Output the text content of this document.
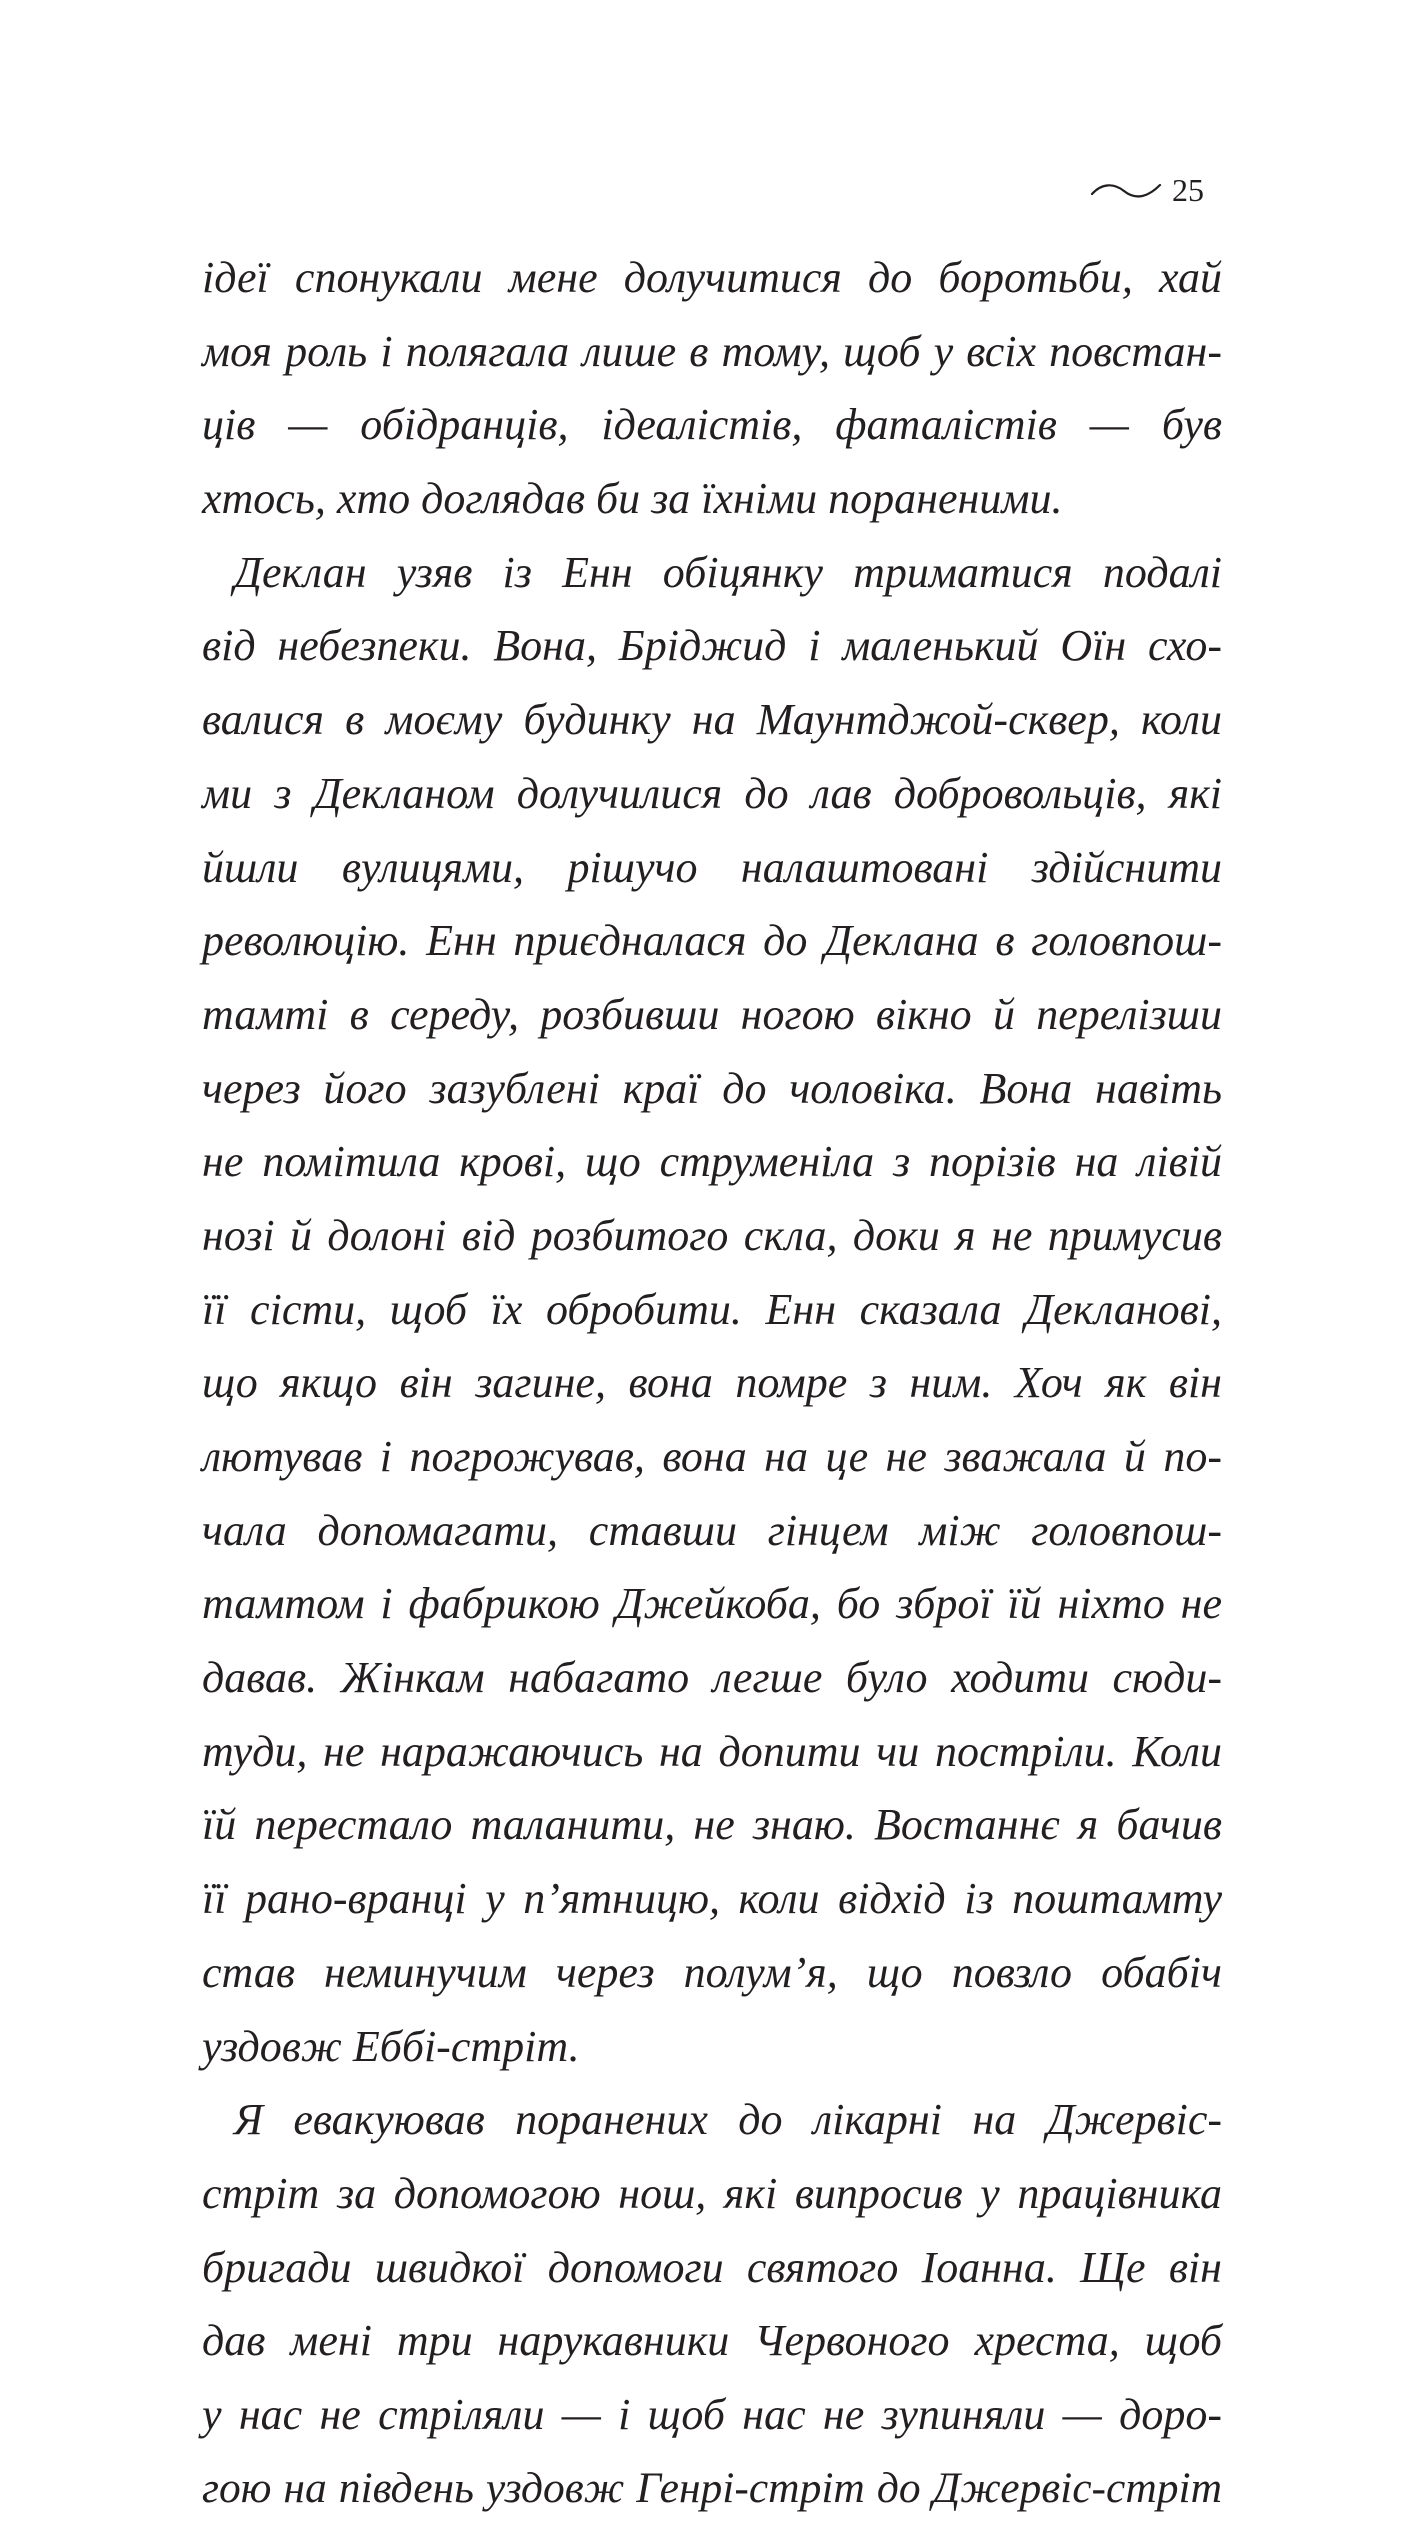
25
ідеї спонукали мене долучитися до боротьби, хай
моя роль і полягала лише в тому, щоб у всіх повстан-
ців — обідранців, ідеалістів, фаталістів — був
хтось, хто доглядав би за їхніми пораненими.
Деклан узяв із Енн обіцянку триматися подалі
від небезпеки. Вона, Бріджид і маленький Оїн схо-
валися в моєму будинку на Маунтджой-сквер, коли
ми з Декланом долучилися до лав добровольців, які
йшли вулицями, рішучо налаштовані здійснити
революцію. Енн приєдналася до Деклана в головпош-
тамті в середу, розбивши ногою вікно й перелізши
через його зазублені краї до чоловіка. Вона навіть
не помітила крові, що струменіла з порізів на лівій
нозі й долоні від розбитого скла, доки я не примусив
її сісти, щоб їх обробити. Енн сказала Декланові,
що якщо він загине, вона помре з ним. Хоч як він
лютував і погрожував, вона на це не зважала й по-
чала допомагати, ставши гінцем між головпош-
тамтом і фабрикою Джейкоба, бо зброї їй ніхто не
давав. Жінкам набагато легше було ходити сюди-
туди, не наражаючись на допити чи постріли. Коли
їй перестало таланити, не знаю. Востаннє я бачив
її рано-вранці у п’ятницю, коли відхід із поштамту
став неминучим через полум’я, що повзло обабіч
уздовж Еббі-стріт.
Я евакуював поранених до лікарні на Джервіс-
стріт за допомогою нош, які випросив у працівника
бригади швидкої допомоги святого Іоанна. Ще він
дав мені три нарукавники Червоного хреста, щоб
у нас не стріляли — і щоб нас не зупиняли — доро-
гою на південь уздовж Генрі-стріт до Джервіс-стріт
